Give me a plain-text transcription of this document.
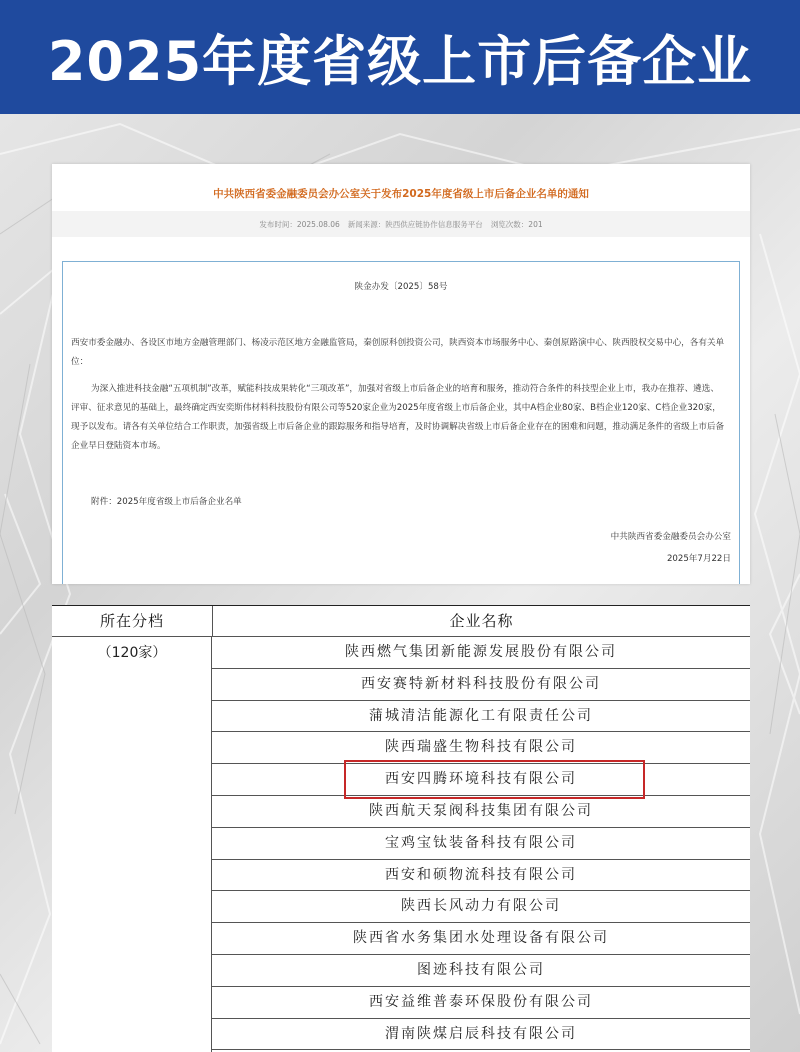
2025年度省级上市后备企业
中共陕西省委金融委员会办公室关于发布2025年度省级上市后备企业名单的通知
发布时间：2025.08.06 新闻来源：陕西供应链协作信息服务平台 浏览次数：201
陕金办发〔2025〕58号
西安市委金融办、各设区市地方金融管理部门、杨凌示范区地方金融监管局，秦创原科创投资公司，陕西资本市场服务中心、秦创原路演中心、陕西股权交易中心，各有关单位：
为深入推进科技金融“五项机制”改革，赋能科技成果转化“三项改革”，加强对省级上市后备企业的培育和服务，推动符合条件的科技型企业上市，我办在推荐、遴选、评审、征求意见的基础上，最终确定西安奕斯伟材料科技股份有限公司等520家企业为2025年度省级上市后备企业，其中A档企业80家、B档企业120家、C档企业320家，现予以发布。请各有关单位结合工作职责，加强省级上市后备企业的跟踪服务和指导培育，及时协调解决省级上市后备企业存在的困难和问题，推动满足条件的省级上市后备企业早日登陆资本市场。
附件：2025年度省级上市后备企业名单
中共陕西省委金融委员会办公室
2025年7月22日
所在分档	企业名称
（120家）	陕西燃气集团新能源发展股份有限公司
西安赛特新材料科技股份有限公司
蒲城清洁能源化工有限责任公司
陕西瑞盛生物科技有限公司
西安四腾环境科技有限公司
陕西航天泵阀科技集团有限公司
宝鸡宝钛装备科技有限公司
西安和硕物流科技有限公司
陕西长风动力有限公司
陕西省水务集团水处理设备有限公司
图迹科技有限公司
西安益维普泰环保股份有限公司
渭南陕煤启辰科技有限公司
